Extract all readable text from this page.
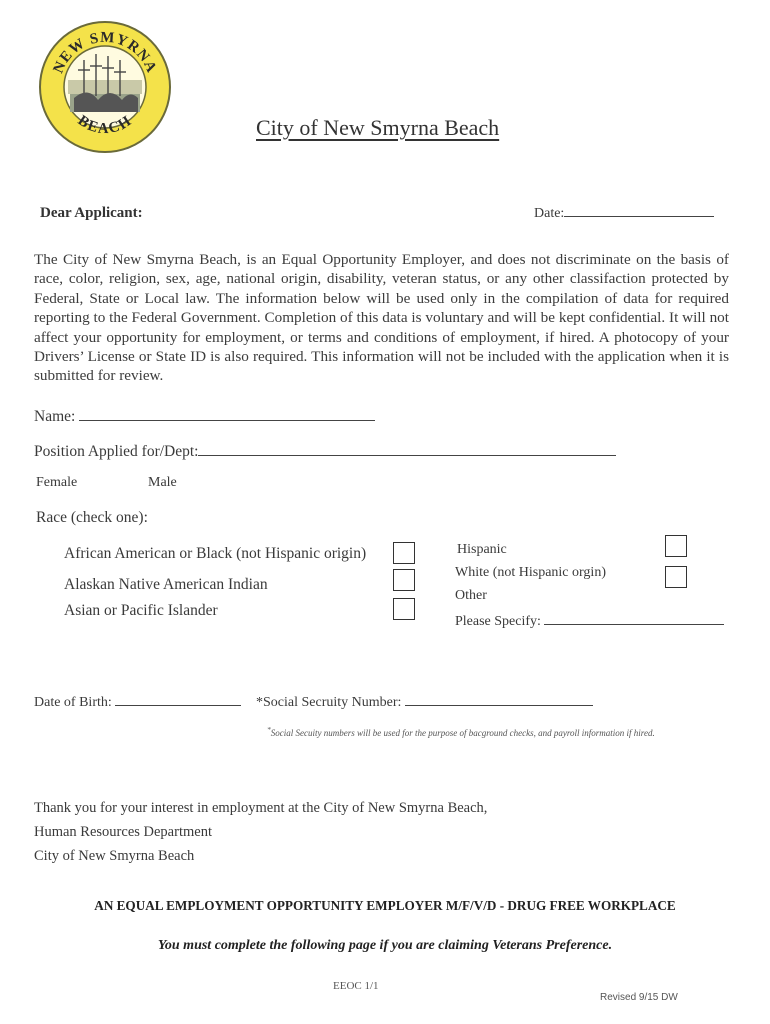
NEW SMYRNA
BEACH	City of New Smyrna Beach
Dear Applicant:	Date:
The City of New Smyrna Beach, is an Equal Opportunity Employer, and does not discriminate on the basis of race, color, religion, sex, age, national origin, disability, veteran status, or any other classifaction protected by Federal, State or Local law. The information below will be used only in the compilation of data for required reporting to the Federal Government. Completion of this data is voluntary and will be kept confidential. It will not affect your opportunity for employment, or terms and conditions of employment, if hired. A photocopy of your Drivers’ License or State ID is also required. This information will not be included with the application when it is submitted for review.
Name:
Position Applied for/Dept:
Female	Male
Race (check one):
African American or Black (not Hispanic origin)
Alaskan Native American Indian
Asian or Pacific Islander
Hispanic
White (not Hispanic orgin)
Other
Please Specify:
Date of Birth:	*Social Secruity Number:
*Social Secuity numbers will be used for the purpose of bacground checks, and payroll information if hired.
Thank you for your interest in employment at the City of New Smyrna Beach,
Human Resources Department
City of New Smyrna Beach
AN EQUAL EMPLOYMENT OPPORTUNITY EMPLOYER M/F/V/D - DRUG FREE WORKPLACE
You must complete the following page if you are claiming Veterans Preference.
EEOC 1/1
Revised 9/15 DW
